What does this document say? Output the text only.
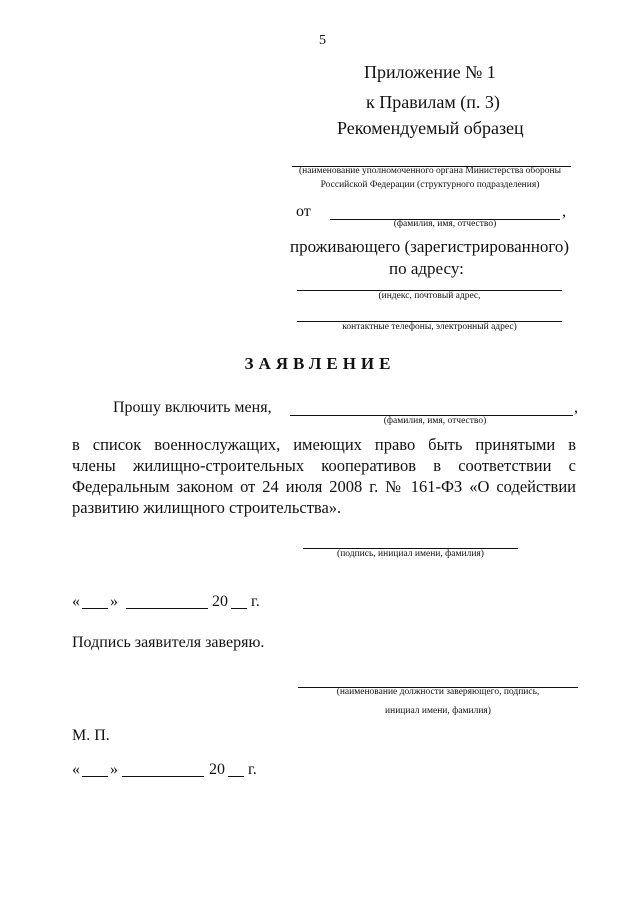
5
Приложение № 1
к Правилам (п. 3)
Рекомендуемый образец
(наименование уполномоченного органа Министерства обороны
Российской Федерации (структурного подразделения)
от	,
(фамилия, имя, отчество)
проживающего (зарегистрированного)
по адресу:
(индекс, почтовый адрес,
контактные телефоны, электронный адрес)
ЗАЯВЛЕНИЕ
Прошу включить меня,	,
(фамилия, имя, отчество)
в список военнослужащих, имеющих право быть принятыми в
члены жилищно-строительных кооперативов в соответствии с
Федеральным законом от 24 июля 2008 г. № 161-ФЗ «О содействии
развитию жилищного строительства».
(подпись, инициал имени, фамилия)
« »	20 г.
Подпись заявителя заверяю.
(наименование должности заверяющего, подпись,
инициал имени, фамилия)
М. П.
« »	20 г.
